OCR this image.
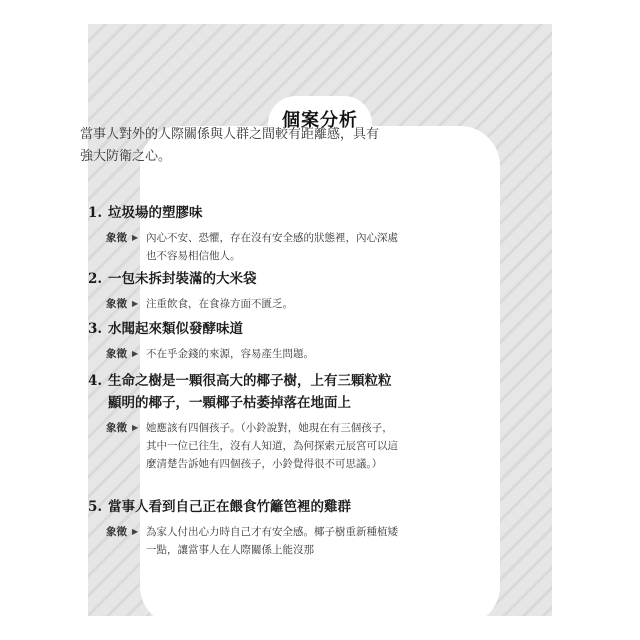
個案分析
當事人對外的人際關係與人群之間較有距離感，具有強大防衛之心。
1. 垃圾場的塑膠味
象徵 ▶ 內心不安、恐懼，存在沒有安全感的狀態裡，內心深處也不容易相信他人。
2. 一包未拆封裝滿的大米袋
象徵 ▶ 注重飲食，在食祿方面不匱乏。
3. 水聞起來類似發酵味道
象徵 ▶ 不在乎金錢的來源，容易產生問題。
4. 生命之樹是一顆很高大的椰子樹，上有三顆粒粒顯明的椰子，一顆椰子枯萎掉落在地面上
象徵 ▶ 她應該有四個孩子。（小鈴說對，她現在有三個孩子，其中一位已往生，沒有人知道，為何探索元辰宮可以這麼清楚告訴她有四個孩子，小鈴覺得很不可思議。）
5. 當事人看到自己正在餵食竹籬笆裡的雞群
象徵 ▶ 為家人付出心力時自己才有安全感。椰子樹重新種植矮一點，讓當事人在人際關係上能沒那
